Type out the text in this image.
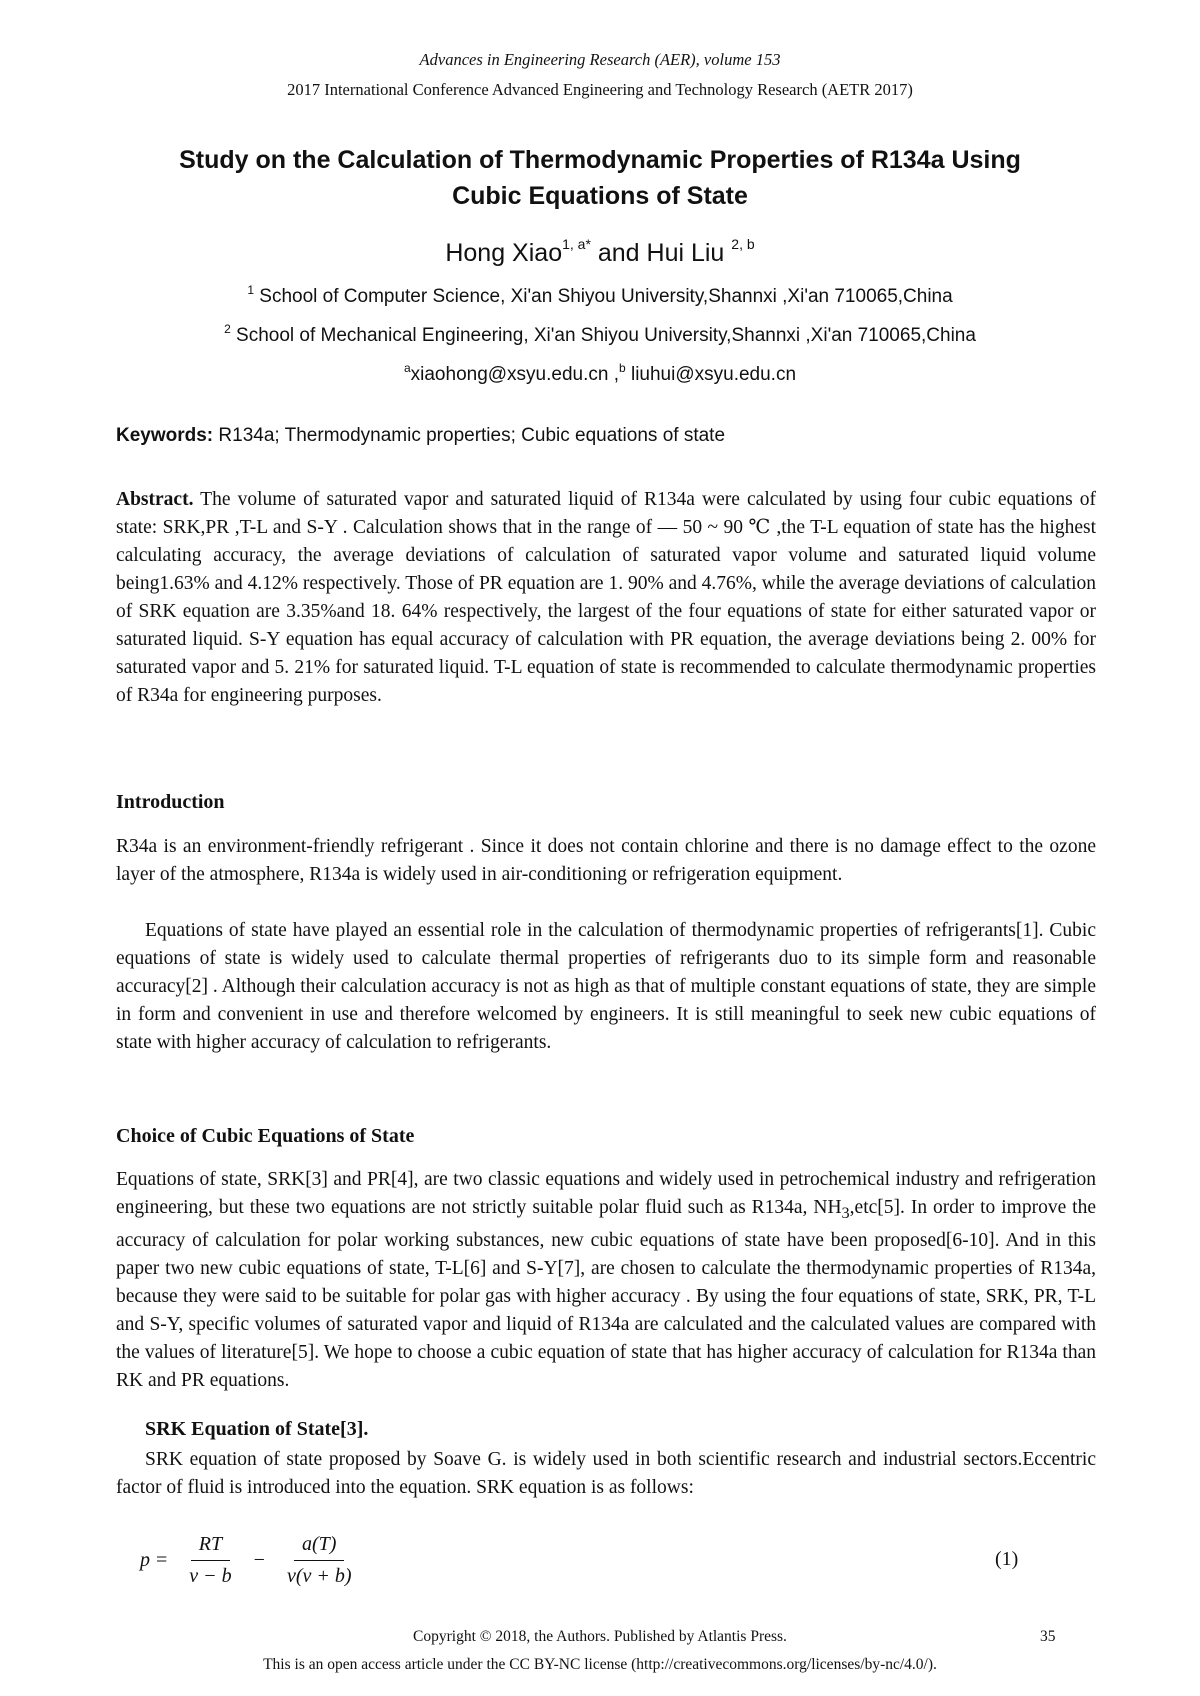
Advances in Engineering Research (AER), volume 153
2017 International Conference Advanced Engineering and Technology Research (AETR 2017)
Study on the Calculation of Thermodynamic Properties of R134a Using
Cubic Equations of State
Hong Xiao$^{1, a*}$ and Hui Liu $^{2, b}$
$^1$ School of Computer Science, Xi'an Shiyou University,Shannxi ,Xi'an 710065,China
$^2$ School of Mechanical Engineering, Xi'an Shiyou University,Shannxi ,Xi'an 710065,China
$^a$xiaohong@xsyu.edu.cn ,$^b$ liuhui@xsyu.edu.cn
Keywords: R134a; Thermodynamic properties; Cubic equations of state

Abstract. The volume of saturated vapor and saturated liquid of R134a were calculated by using four cubic equations of state: SRK,PR ,T-L and S-Y . Calculation shows that in the range of — 50 ~ 90 ℃ ,the T-L equation of state has the highest calculating accuracy, the average deviations of calculation of saturated vapor volume and saturated liquid volume being1.63% and 4.12% respectively. Those of PR equation are 1. 90% and 4.76%, while the average deviations of calculation of SRK equation are 3.35%and 18. 64% respectively, the largest of the four equations of state for either saturated vapor or saturated liquid. S-Y equation has equal accuracy of calculation with PR equation, the average deviations being 2. 00% for saturated vapor and 5. 21% for saturated liquid. T-L equation of state is recommended to calculate thermodynamic properties of R34a for engineering purposes.

Introduction

R34a is an environment-friendly refrigerant . Since it does not contain chlorine and there is no damage effect to the ozone layer of the atmosphere, R134a is widely used in air-conditioning or refrigeration equipment.

Equations of state have played an essential role in the calculation of thermodynamic properties of refrigerants[1]. Cubic equations of state is widely used to calculate thermal properties of refrigerants duo to its simple form and reasonable accuracy[2] . Although their calculation accuracy is not as high as that of multiple constant equations of state, they are simple in form and convenient in use and therefore welcomed by engineers. It is still meaningful to seek new cubic equations of state with higher accuracy of calculation to refrigerants.

Choice of Cubic Equations of State

Equations of state, SRK[3] and PR[4], are two classic equations and widely used in petrochemical industry and refrigeration engineering, but these two equations are not strictly suitable polar fluid such as R134a, $NH_3,etc[5]$. In order to improve the accuracy of calculation for polar working substances, new cubic equations of state have been proposed[6-10]. And in this paper two new cubic equations of state, T-L[6] and S-Y[7], are chosen to calculate the thermodynamic properties of R134a, because they were said to be suitable for polar gas with higher accuracy . By using the four equations of state, SRK, PR, T-L and S-Y, specific volumes of saturated vapor and liquid of R134a are calculated and the calculated values are compared with the values of literature[5]. We hope to choose a cubic equation of state that has higher accuracy of calculation for R134a than RK and PR equations.

SRK Equation of State[3].

SRK equation of state proposed by Soave G. is widely used in both scientific research and industrial sectors.Eccentric factor of fluid is introduced into the equation. SRK equation is as follows:

$p = \frac{RT}{v - b} - \frac{a(T)}{v(v + b)}$	(1)
Copyright © 2018, the Authors. Published by Atlantis Press.	35
This is an open access article under the CC BY-NC license (http://creativecommons.org/licenses/by-nc/4.0/).
